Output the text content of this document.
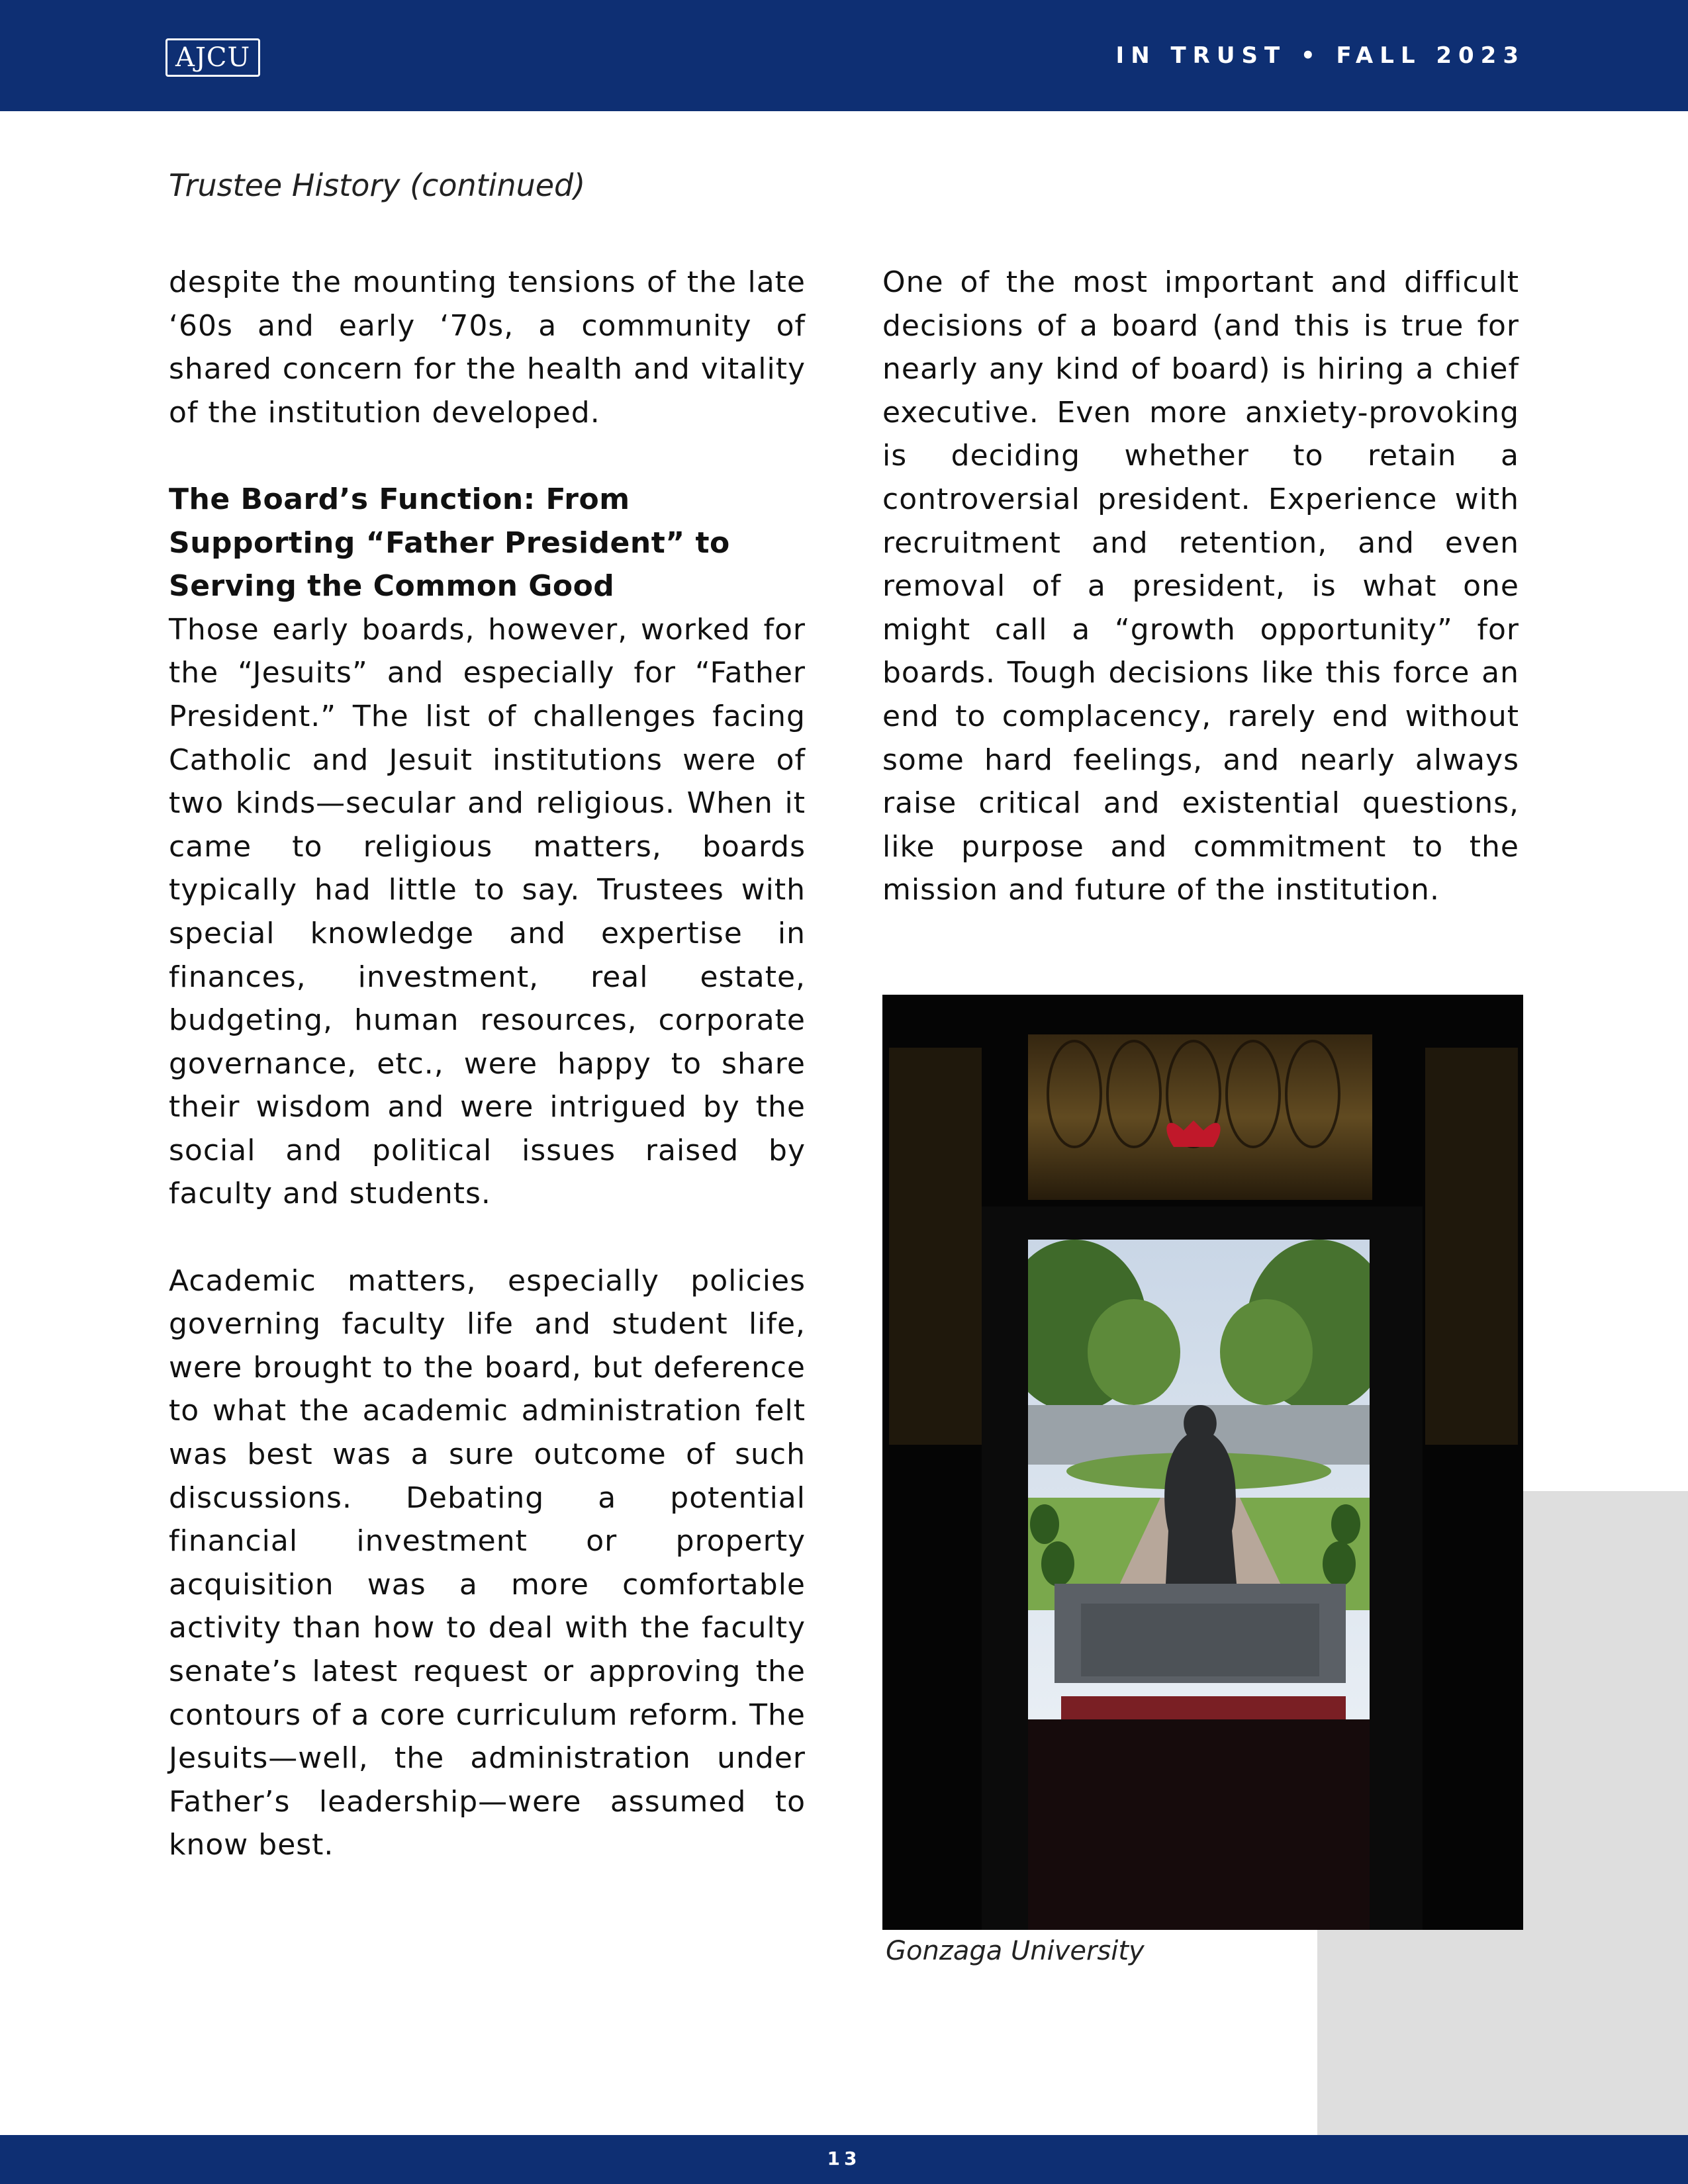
AJCU	IN TRUST • FALL 2023
Trustee History (continued)

despite the mounting tensions of the late ‘60s and early ‘70s, a community of shared concern for the health and vitality of the institution developed.

The Board’s Function: From Supporting “Father President” to Serving the Common Good

Those early boards, however, worked for the “Jesuits” and especially for “Father President.” The list of challenges facing Catholic and Jesuit institutions were of two kinds—secular and religious. When it came to religious matters, boards typically had little to say. Trustees with special knowledge and expertise in finances, investment, real estate, budgeting, human resources, corporate governance, etc., were happy to share their wisdom and were intrigued by the social and political issues raised by faculty and students.

Academic matters, especially policies governing faculty life and student life, were brought to the board, but deference to what the academic administration felt was best was a sure outcome of such discussions. Debating a potential financial investment or property acquisition was a more comfortable activity than how to deal with the faculty senate’s latest request or approving the contours of a core curriculum reform. The Jesuits—well, the administration under Father’s leadership—were assumed to know best.

One of the most important and difficult decisions of a board (and this is true for nearly any kind of board) is hiring a chief executive. Even more anxiety-provoking is deciding whether to retain a controversial president. Experience with recruitment and retention, and even removal of a president, is what one might call a “growth opportunity” for boards. Tough decisions like this force an end to complacency, rarely end without some hard feelings, and nearly always raise critical and existential questions, like purpose and commitment to the mission and future of the institution.

Gonzaga University
13
